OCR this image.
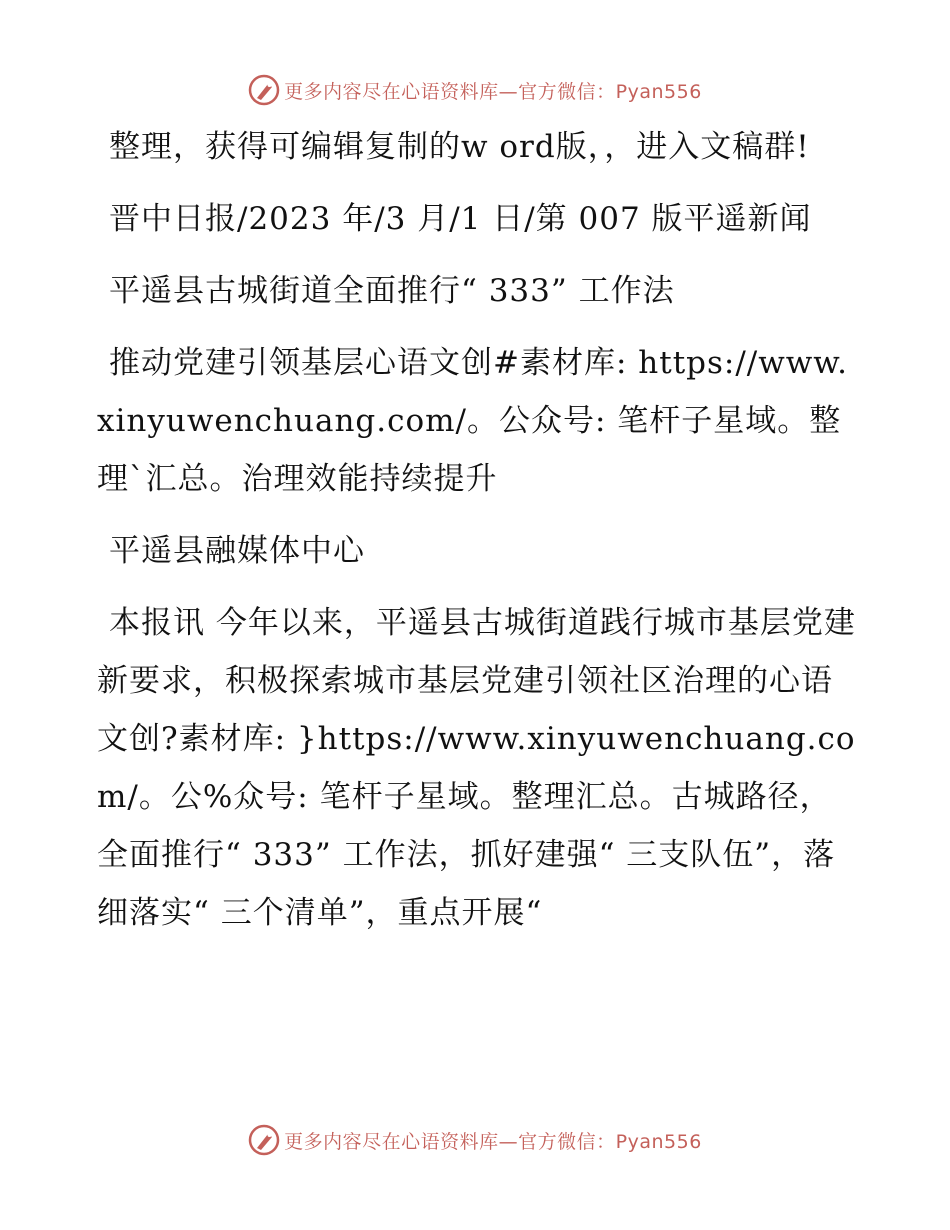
更多内容尽在心语资料库—官方微信：Pyan556

整理，获得可编辑复制的w ord版，，进入文稿群!

晋中日报/2023 年/3 月/1 日/第 007 版平遥新闻

平遥县古城街道全面推行“ 333” 工作法

推动党建引领基层心语文创#素材库: https://www.xinyuwenchuang.com/。公众号: 笔杆子星域。整理`汇总。治理效能持续提升

平遥县融媒体中心

本报讯 今年以来，平遥县古城街道践行城市基层党建新要求，积极探索城市基层党建引领社区治理的心语文创?素材库: }https://www.xinyuwenchuang.com/。公%众号: 笔杆子星域。整理汇总。古城路径，全面推行“ 333” 工作法，抓好建强“ 三支队伍”，落细落实“ 三个清单”，重点开展“

更多内容尽在心语资料库—官方微信：Pyan556
